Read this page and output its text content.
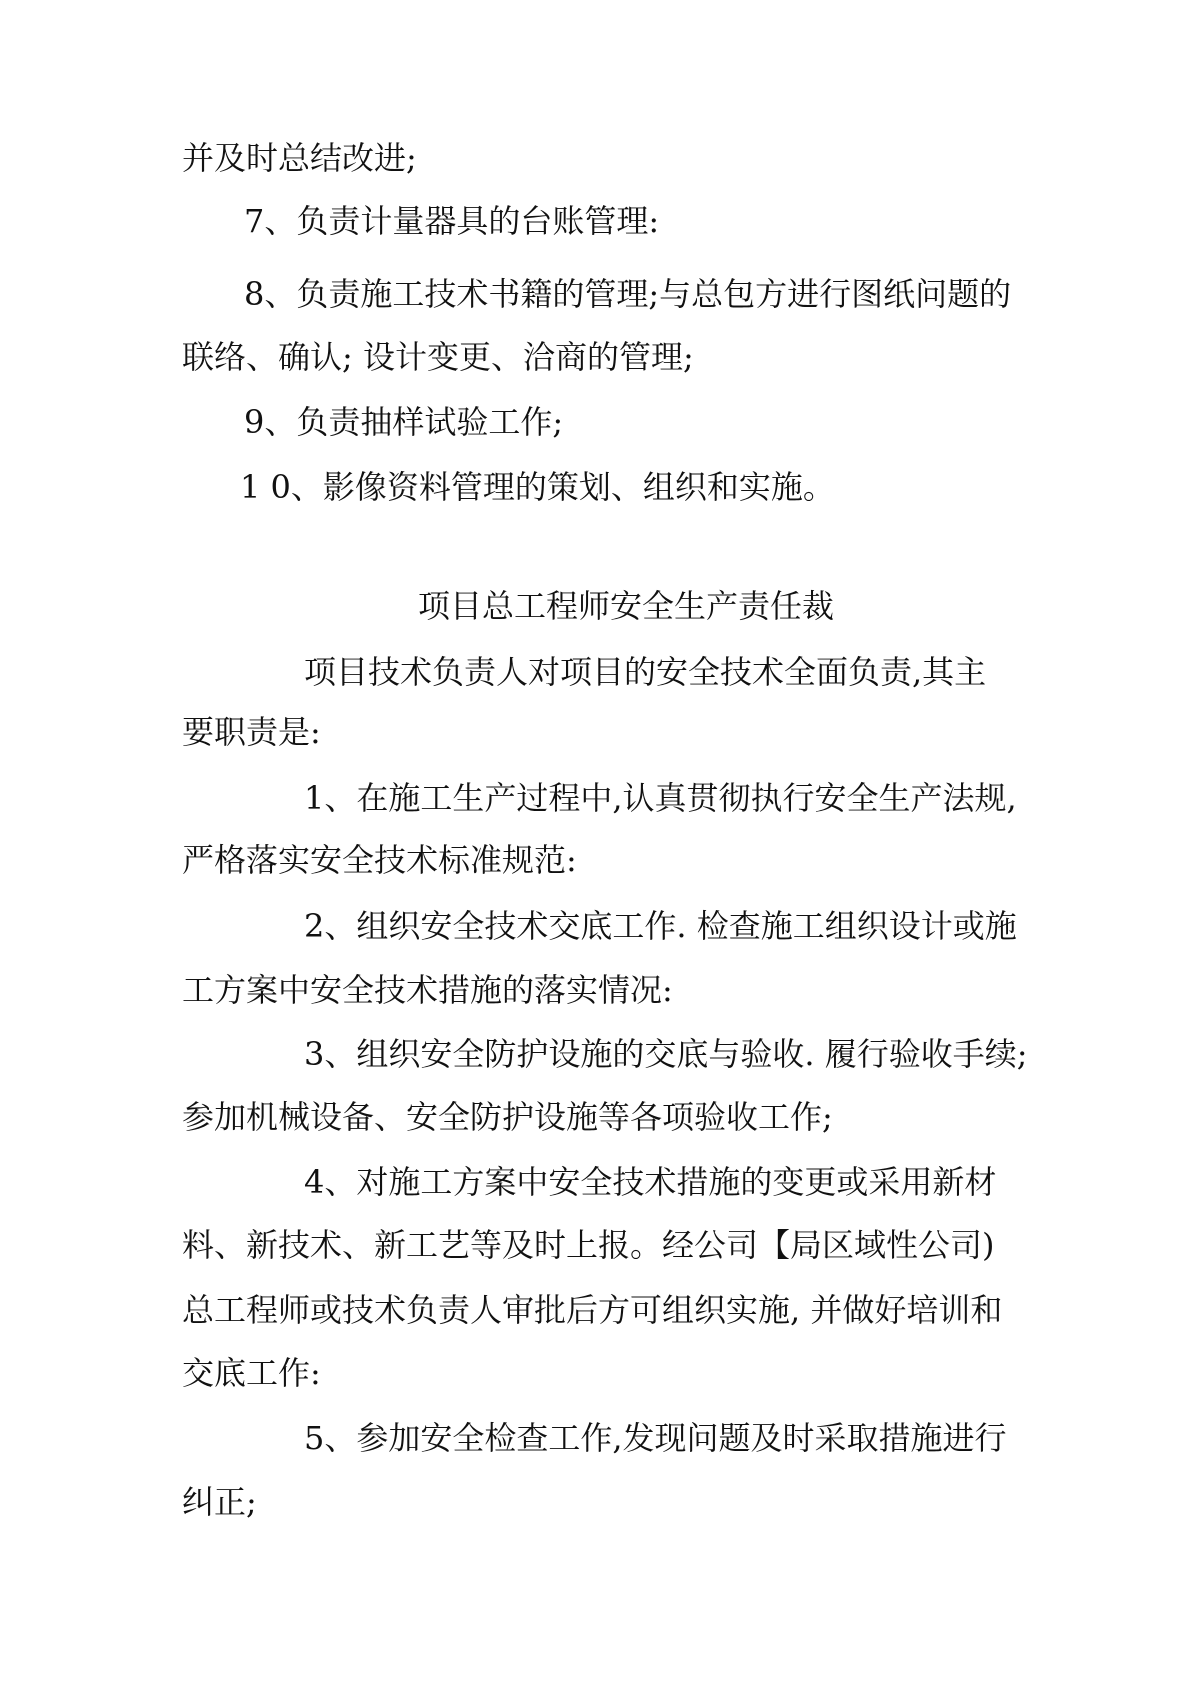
并及时总结改进;
7、负责计量器具的台账管理:
8、负责施工技术书籍的管理;与总包方进行图纸问题的
联络、确认; 设计变更、洽商的管理;
9、负责抽样试验工作;
1 0、影像资料管理的策划、组织和实施。
项目总工程师安全生产责任裁
项目技术负责人对项目的安全技术全面负责,其主
要职责是:
1、在施工生产过程中,认真贯彻执行安全生产法规,
严格落实安全技术标准规范:
2、组织安全技术交底工作. 检查施工组织设计或施
工方案中安全技术措施的落实情况:
3、组织安全防护设施的交底与验收. 履行验收手续;
参加机械设备、安全防护设施等各项验收工作;
4、对施工方案中安全技术措施的变更或采用新材
料、新技术、新工艺等及时上报。经公司【局区域性公司)
总工程师或技术负责人审批后方可组织实施, 并做好培训和
交底工作:
5、参加安全检查工作,发现问题及时采取措施进行
纠正;
